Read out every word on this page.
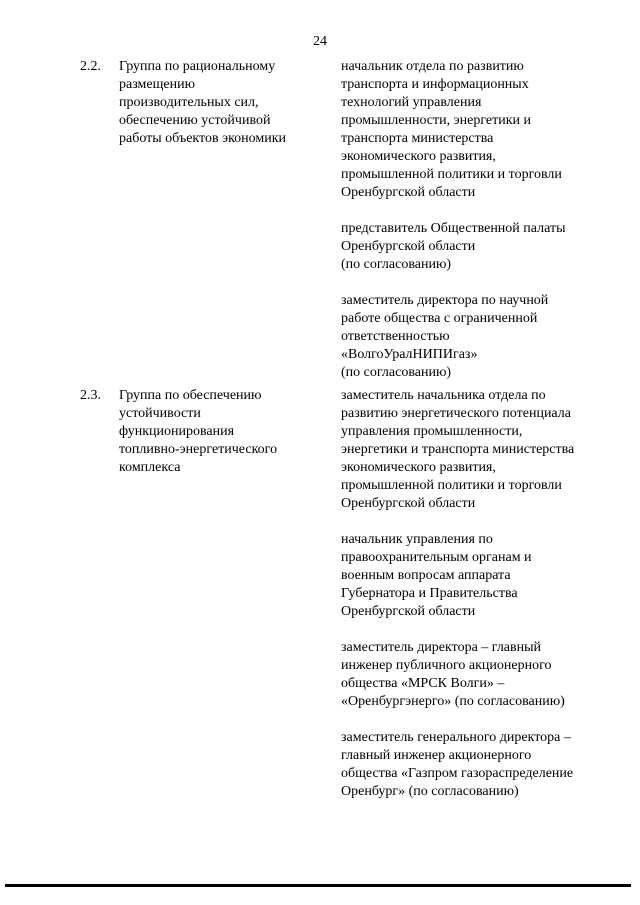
24
2.2. Группа по рациональному
размещению
производительных сил,
обеспечению устойчивой
работы объектов экономики
начальник отдела по развитию
транспорта и информационных
технологий управления
промышленности, энергетики и
транспорта министерства
экономического развития,
промышленной политики и торговли
Оренбургской области
представитель Общественной палаты
Оренбургской области
(по согласованию)
заместитель директора по научной
работе общества с ограниченной
ответственностью
«ВолгоУралНИПИгаз»
(по согласованию)
2.3. Группа по обеспечению
устойчивости
функционирования
топливно-энергетического
комплекса
заместитель начальника отдела по
развитию энергетического потенциала
управления промышленности,
энергетики и транспорта министерства
экономического развития,
промышленной политики и торговли
Оренбургской области
начальник управления по
правоохранительным органам и
военным вопросам аппарата
Губернатора и Правительства
Оренбургской области
заместитель директора – главный
инженер публичного акционерного
общества «МРСК Волги» –
«Оренбургэнерго» (по согласованию)
заместитель генерального директора –
главный инженер акционерного
общества «Газпром газораспределение
Оренбург» (по согласованию)
